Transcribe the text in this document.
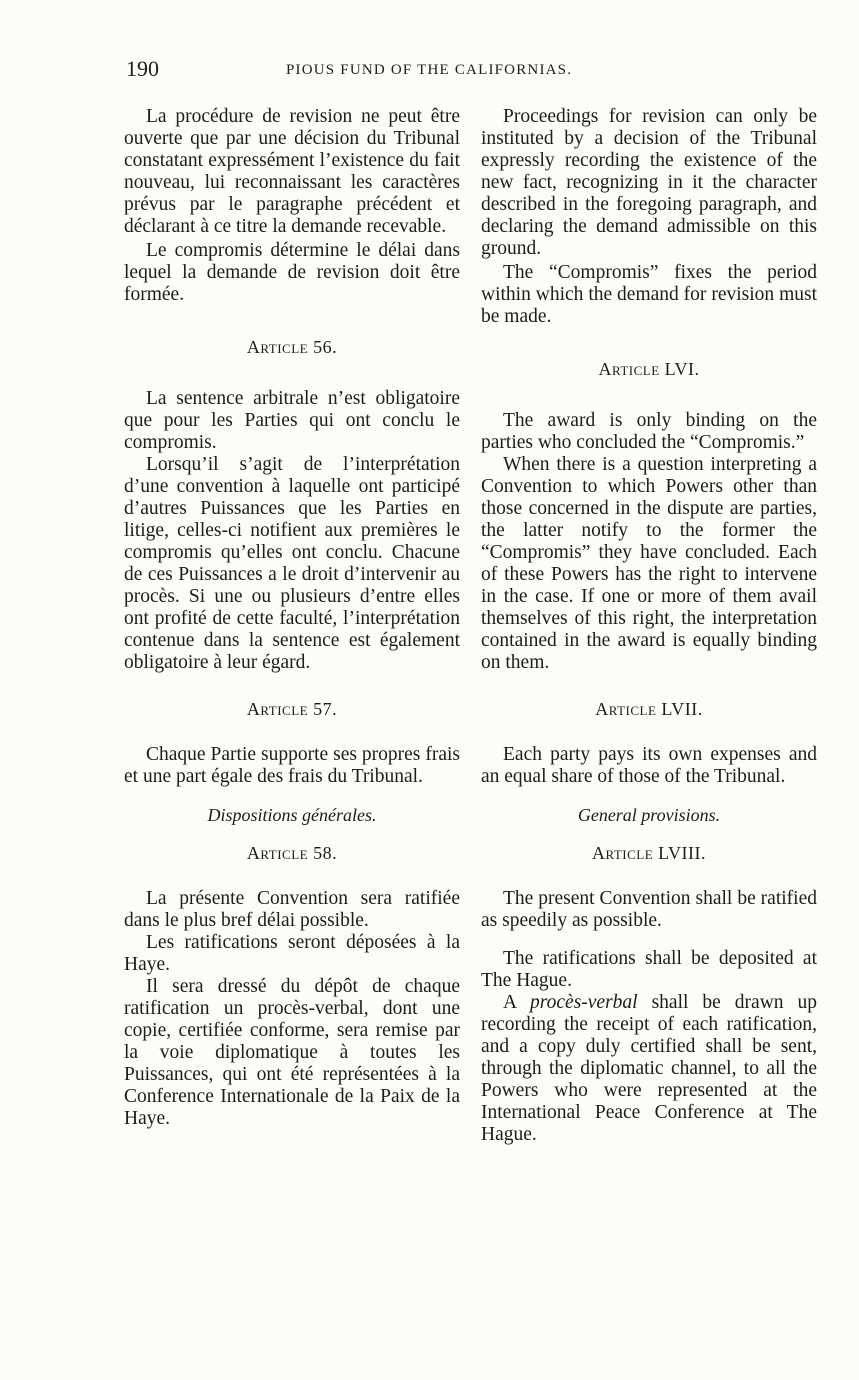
190	PIOUS FUND OF THE CALIFORNIAS.

La procédure de revision ne peut être ouverte que par une décision du Tribunal constatant expressément l’existence du fait nouveau, lui reconnaissant les caractères prévus par le paragraphe précédent et déclarant à ce titre la demande recevable.

Le compromis détermine le délai dans lequel la demande de revision doit être formée.

Article 56.

La sentence arbitrale n’est obligatoire que pour les Parties qui ont conclu le compromis.

Lorsqu’il s’agit de l’interprétation d’une convention à laquelle ont participé d’autres Puissances que les Parties en litige, celles-ci notifient aux premières le compromis qu’elles ont conclu. Chacune de ces Puissances a le droit d’intervenir au procès. Si une ou plusieurs d’entre elles ont profité de cette faculté, l’interprétation contenue dans la sentence est également obligatoire à leur égard.

Article 57.

Chaque Partie supporte ses propres frais et une part égale des frais du Tribunal.

Dispositions générales.

Article 58.

La présente Convention sera ratifiée dans le plus bref délai possible.

Les ratifications seront déposées à la Haye.

Il sera dressé du dépôt de chaque ratification un procès-verbal, dont une copie, certifiée conforme, sera remise par la voie diplomatique à toutes les Puissances, qui ont été représentées à la Conference Internationale de la Paix de la Haye.

Proceedings for revision can only be instituted by a decision of the Tribunal expressly recording the existence of the new fact, recognizing in it the character described in the foregoing paragraph, and declaring the demand admissible on this ground.

The “Compromis” fixes the period within which the demand for revision must be made.

Article LVI.

The award is only binding on the parties who concluded the “Compromis.”

When there is a question interpreting a Convention to which Powers other than those concerned in the dispute are parties, the latter notify to the former the “Compromis” they have concluded. Each of these Powers has the right to intervene in the case. If one or more of them avail themselves of this right, the interpretation contained in the award is equally binding on them.

Article LVII.

Each party pays its own expenses and an equal share of those of the Tribunal.

General provisions.

Article LVIII.

The present Convention shall be ratified as speedily as possible.

The ratifications shall be deposited at The Hague.

A procès-verbal shall be drawn up recording the receipt of each ratification, and a copy duly certified shall be sent, through the diplomatic channel, to all the Powers who were represented at the International Peace Conference at The Hague.
